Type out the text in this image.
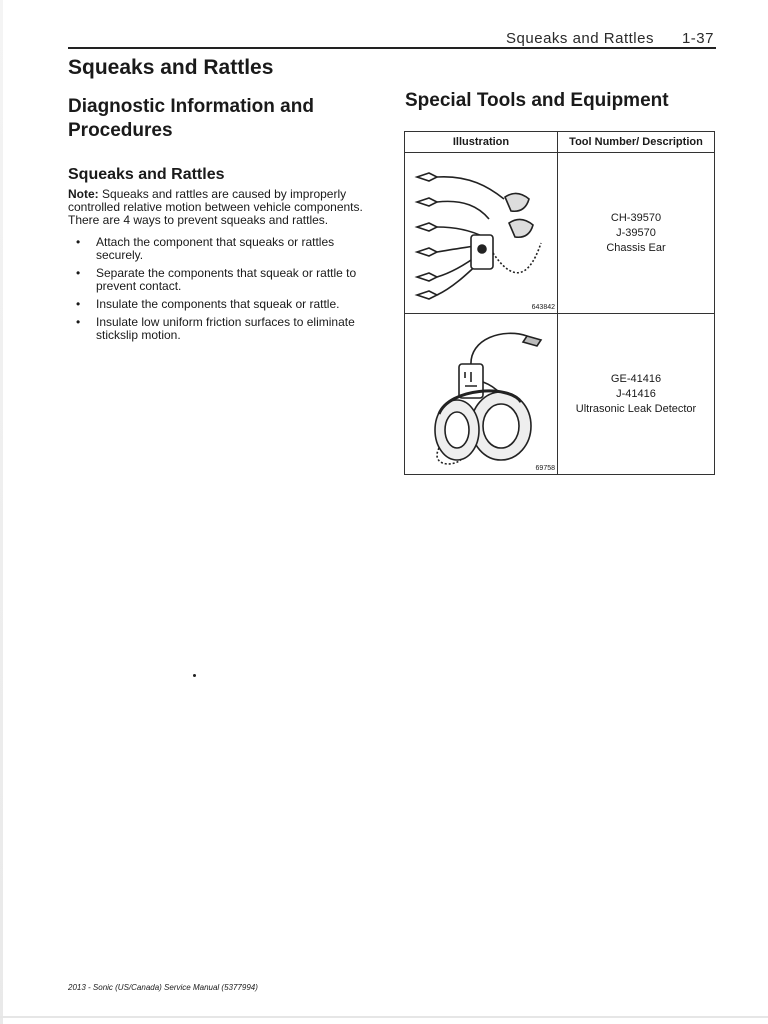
Squeaks and Rattles 1-37
Squeaks and Rattles
Diagnostic Information and Procedures
Squeaks and Rattles

Note: Squeaks and rattles are caused by improperly controlled relative motion between vehicle components. There are 4 ways to prevent squeaks and rattles.

• Attach the component that squeaks or rattles securely.
• Separate the components that squeak or rattle to prevent contact.
• Insulate the components that squeak or rattle.
• Insulate low uniform friction surfaces to eliminate stickslip motion.
Special Tools and Equipment
Illustration	Tool Number/ Description

643842	CH-39570
J-39570
Chassis Ear

69758	GE-41416
J-41416
Ultrasonic Leak Detector
2013 - Sonic (US/Canada) Service Manual (5377994)
